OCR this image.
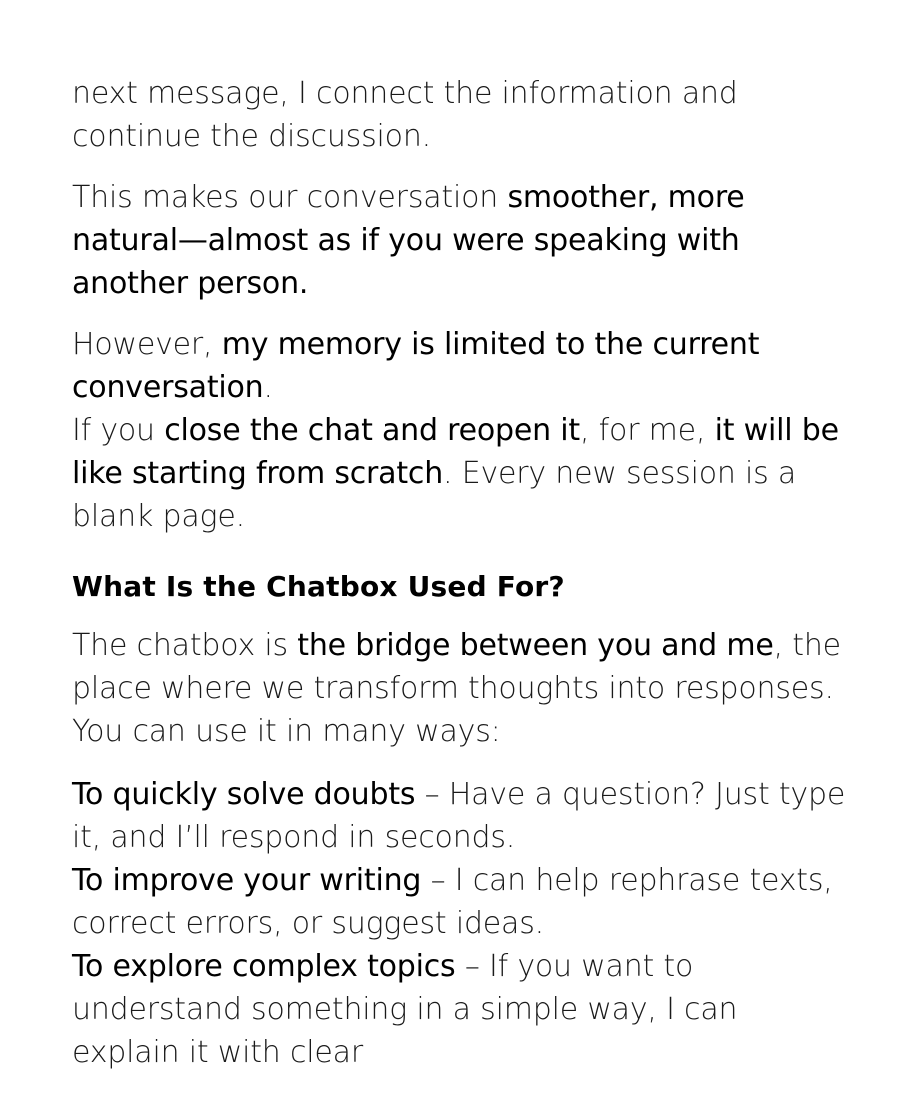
next message, I connect the information and continue the discussion.

This makes our conversation smoother, more natural—almost as if you were speaking with another person.

However, my memory is limited to the current conversation.
If you close the chat and reopen it, for me, it will be like starting from scratch. Every new session is a blank page.

What Is the Chatbox Used For?

The chatbox is the bridge between you and me, the place where we transform thoughts into responses. You can use it in many ways:

To quickly solve doubts – Have a question? Just type it, and I’ll respond in seconds.

To improve your writing – I can help rephrase texts, correct errors, or suggest ideas.

To explore complex topics – If you want to understand something in a simple way, I can explain it with clear
